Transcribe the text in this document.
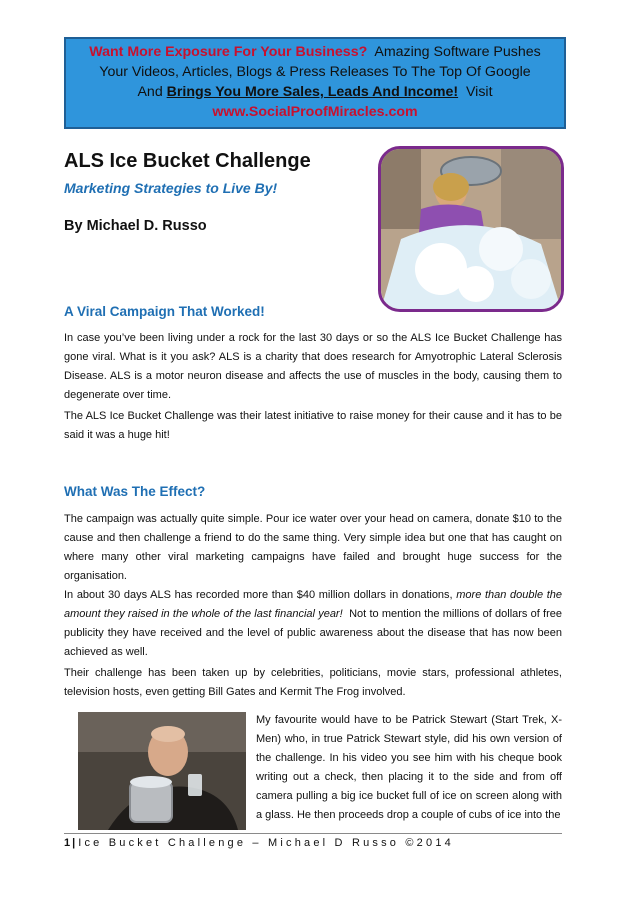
Want More Exposure For Your Business?  Amazing Software Pushes
Your Videos, Articles, Blogs & Press Releases To The Top Of Google
And Brings You More Sales, Leads And Income!  Visit
www.SocialProofMiracles.com
ALS Ice Bucket Challenge
Marketing Strategies to Live By!

By Michael D. Russo

A Viral Campaign That Worked!

In case you’ve been living under a rock for the last 30 days or so the ALS Ice Bucket Challenge has gone viral. What is it you ask? ALS is a charity that does research for Amyotrophic Lateral Sclerosis Disease. ALS is a motor neuron disease and affects the use of muscles in the body, causing them to degenerate over time.

The ALS Ice Bucket Challenge was their latest initiative to raise money for their cause and it has to be said it was a huge hit!

What Was The Effect?

The campaign was actually quite simple. Pour ice water over your head on camera, donate $10 to the cause and then challenge a friend to do the same thing. Very simple idea but one that has caught on where many other viral marketing campaigns have failed and brought huge success for the organisation.

In about 30 days ALS has recorded more than $40 million dollars in donations, more than double the amount they raised in the whole of the last financial year!  Not to mention the millions of dollars of free publicity they have received and the level of public awareness about the disease that has now been achieved as well.

Their challenge has been taken up by celebrities, politicians, movie stars, professional athletes, television hosts, even getting Bill Gates and Kermit The Frog involved.

My favourite would have to be Patrick Stewart (Start Trek, X-Men) who, in true Patrick Stewart style, did his own version of the challenge. In his video you see him with his cheque book writing out a check, then placing it to the side and from off camera pulling a big ice bucket full of ice on screen along with a glass. He then proceeds drop a couple of cubs of ice into the

1 | Ice Bucket Challenge – Michael D Russo ©2014
